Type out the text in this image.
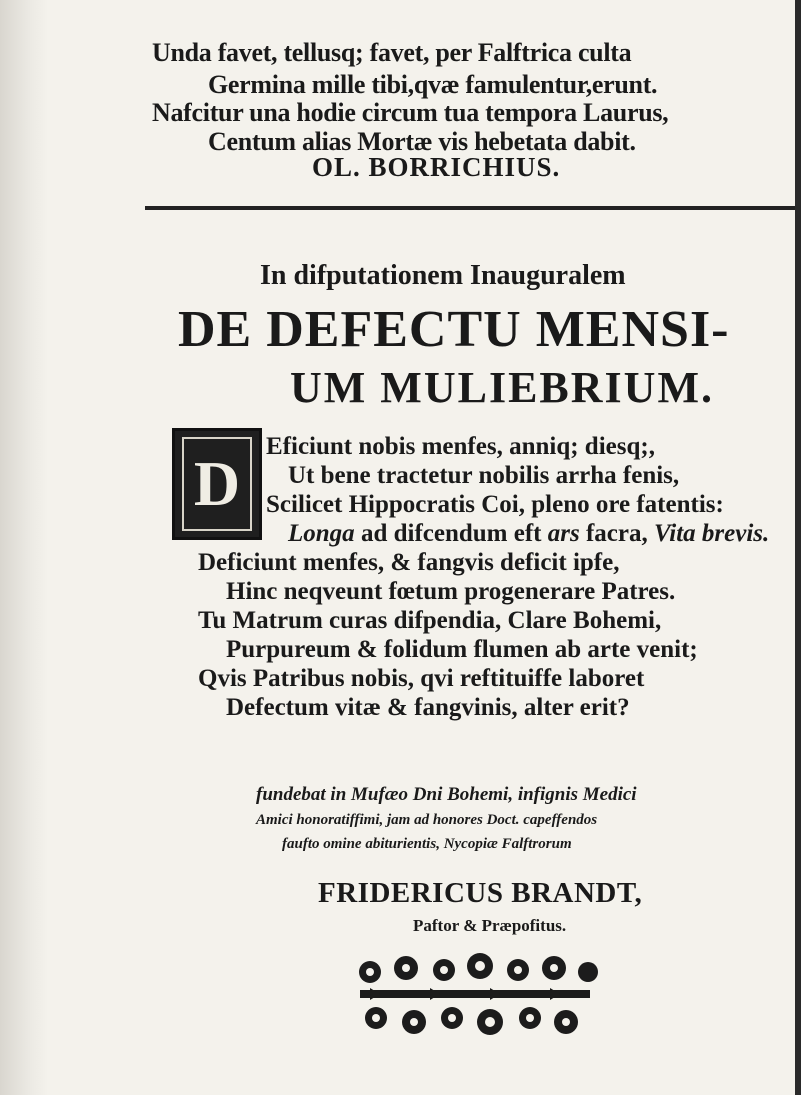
Unda favet, tellusq; favet, per Falftrica culta
Germina mille tibi,qvæ famulentur,erunt.
Nafcitur una hodie circum tua tempora Laurus,
Centum alias Mortæ vis hebetata dabit.
OL. BORRICHIUS.
In difputationem Inauguralem
DE DEFECTU MENSI-
UM MULIEBRIUM.
D
Eficiunt nobis menfes, anniq; diesq;,
Ut bene tractetur nobilis arrha fenis,
Scilicet Hippocratis Coi, pleno ore fatentis:
Longa ad difcendum eft ars facra, Vita brevis.
Deficiunt menfes, & fangvis deficit ipfe,
Hinc neqveunt fœtum progenerare Patres.
Tu Matrum curas difpendia, Clare Bohemi,
Purpureum & folidum flumen ab arte venit;
Qvis Patribus nobis, qvi reftituiffe laboret
Defectum vitæ & fangvinis, alter erit?
fundebat in Mufæo Dni Bohemi, infignis Medici
Amici honoratiffimi, jam ad honores Doct. capeffendos
faufto omine abiturientis, Nycopiæ Falftrorum
FRIDERICUS BRANDT,
Paftor & Præpofitus.
